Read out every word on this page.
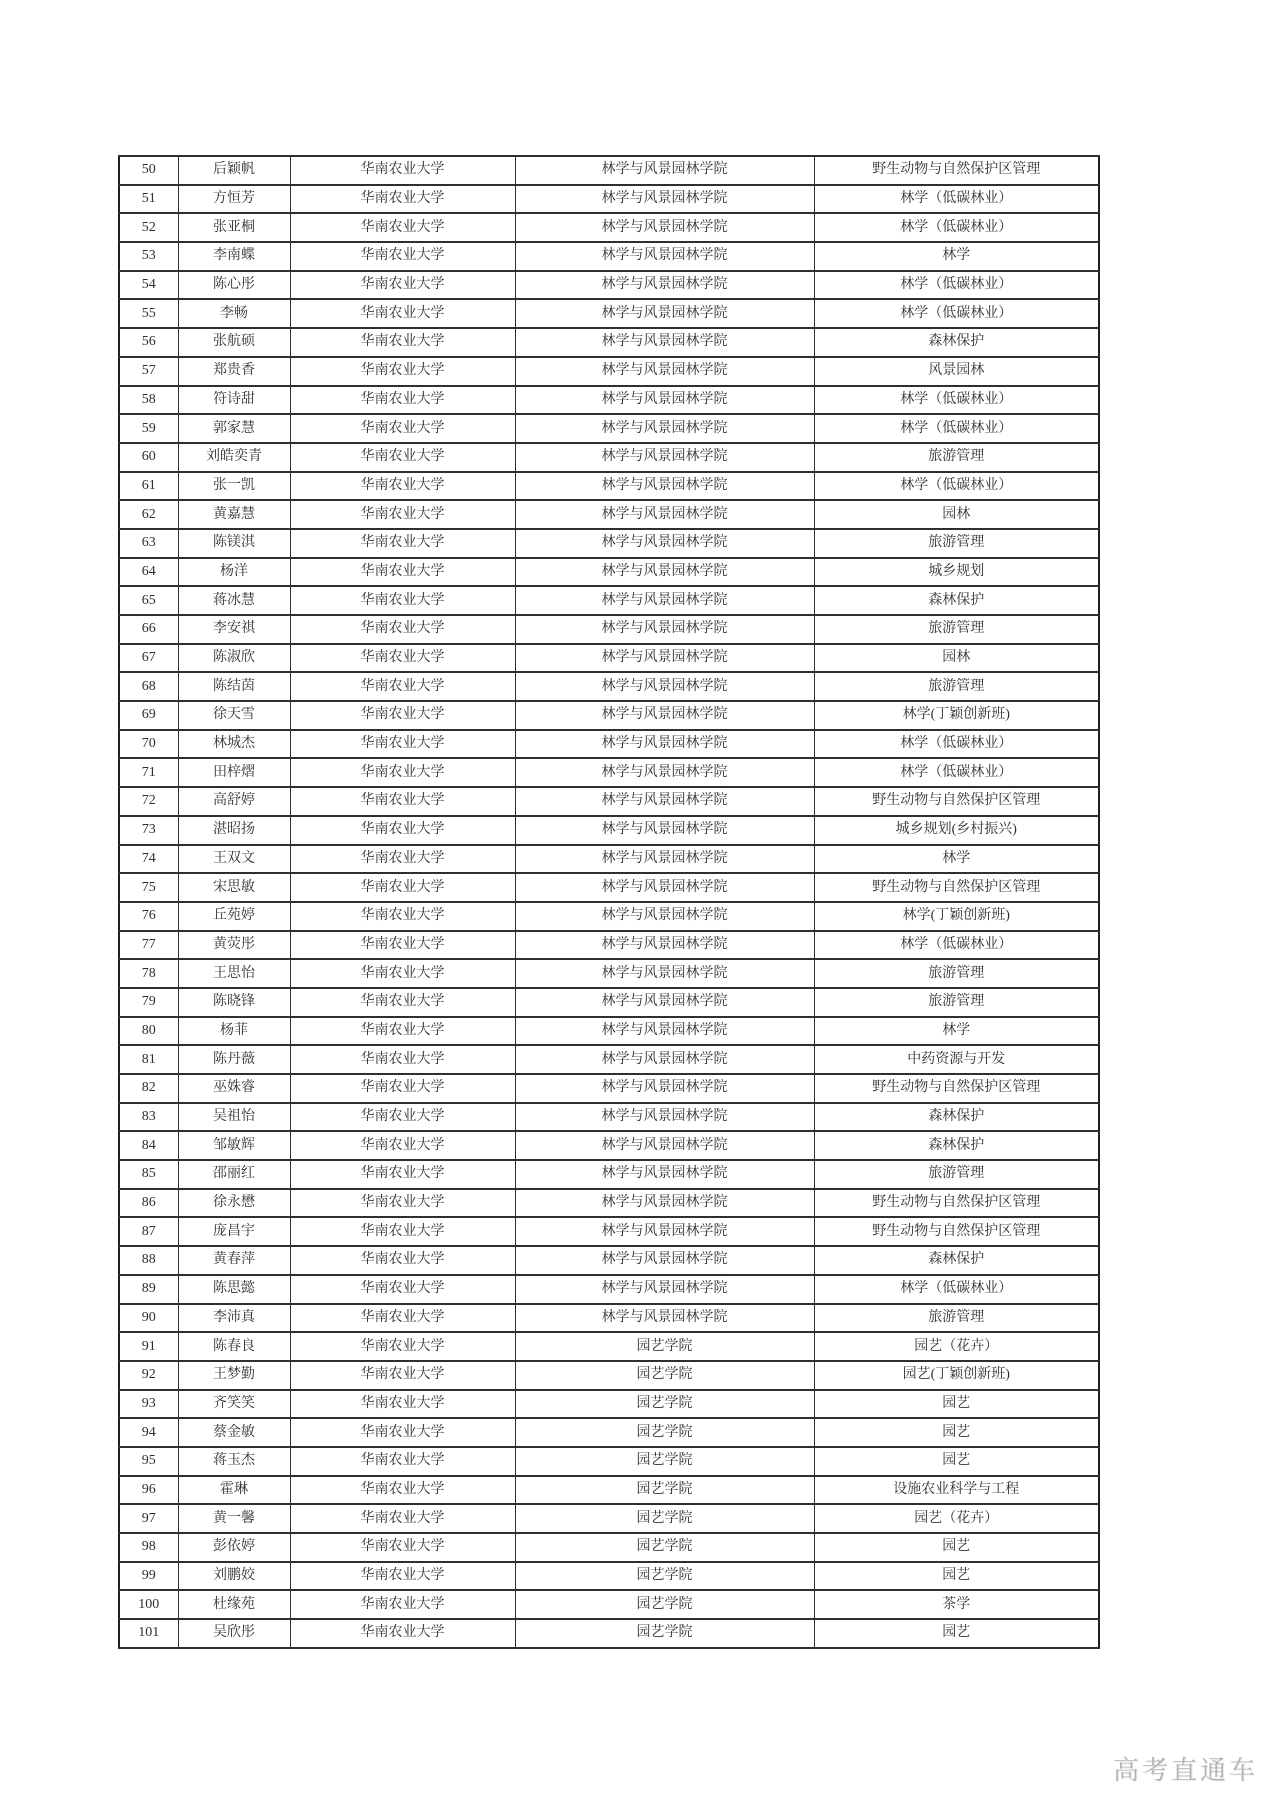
50	后颖帆	华南农业大学	林学与风景园林学院	野生动物与自然保护区管理
51	方恒芳	华南农业大学	林学与风景园林学院	林学（低碳林业）
52	张亚桐	华南农业大学	林学与风景园林学院	林学（低碳林业）
53	李南蝶	华南农业大学	林学与风景园林学院	林学
54	陈心彤	华南农业大学	林学与风景园林学院	林学（低碳林业）
55	李畅	华南农业大学	林学与风景园林学院	林学（低碳林业）
56	张航硕	华南农业大学	林学与风景园林学院	森林保护
57	郑贵香	华南农业大学	林学与风景园林学院	风景园林
58	符诗甜	华南农业大学	林学与风景园林学院	林学（低碳林业）
59	郭家慧	华南农业大学	林学与风景园林学院	林学（低碳林业）
60	刘皓奕青	华南农业大学	林学与风景园林学院	旅游管理
61	张一凯	华南农业大学	林学与风景园林学院	林学（低碳林业）
62	黄嘉慧	华南农业大学	林学与风景园林学院	园林
63	陈镁淇	华南农业大学	林学与风景园林学院	旅游管理
64	杨洋	华南农业大学	林学与风景园林学院	城乡规划
65	蒋冰慧	华南农业大学	林学与风景园林学院	森林保护
66	李安祺	华南农业大学	林学与风景园林学院	旅游管理
67	陈淑欣	华南农业大学	林学与风景园林学院	园林
68	陈结茵	华南农业大学	林学与风景园林学院	旅游管理
69	徐天雪	华南农业大学	林学与风景园林学院	林学(丁颖创新班)
70	林城杰	华南农业大学	林学与风景园林学院	林学（低碳林业）
71	田梓熠	华南农业大学	林学与风景园林学院	林学（低碳林业）
72	高舒婷	华南农业大学	林学与风景园林学院	野生动物与自然保护区管理
73	湛昭扬	华南农业大学	林学与风景园林学院	城乡规划(乡村振兴)
74	王双文	华南农业大学	林学与风景园林学院	林学
75	宋思敏	华南农业大学	林学与风景园林学院	野生动物与自然保护区管理
76	丘苑婷	华南农业大学	林学与风景园林学院	林学(丁颖创新班)
77	黄荧彤	华南农业大学	林学与风景园林学院	林学（低碳林业）
78	王思怡	华南农业大学	林学与风景园林学院	旅游管理
79	陈晓锋	华南农业大学	林学与风景园林学院	旅游管理
80	杨菲	华南农业大学	林学与风景园林学院	林学
81	陈丹薇	华南农业大学	林学与风景园林学院	中药资源与开发
82	巫姝睿	华南农业大学	林学与风景园林学院	野生动物与自然保护区管理
83	吴祖怡	华南农业大学	林学与风景园林学院	森林保护
84	邹敏辉	华南农业大学	林学与风景园林学院	森林保护
85	邵丽红	华南农业大学	林学与风景园林学院	旅游管理
86	徐永懋	华南农业大学	林学与风景园林学院	野生动物与自然保护区管理
87	庞昌宇	华南农业大学	林学与风景园林学院	野生动物与自然保护区管理
88	黄春萍	华南农业大学	林学与风景园林学院	森林保护
89	陈思懿	华南农业大学	林学与风景园林学院	林学（低碳林业）
90	李沛真	华南农业大学	林学与风景园林学院	旅游管理
91	陈春良	华南农业大学	园艺学院	园艺（花卉）
92	王梦勤	华南农业大学	园艺学院	园艺(丁颖创新班)
93	齐笑笑	华南农业大学	园艺学院	园艺
94	蔡金敏	华南农业大学	园艺学院	园艺
95	蒋玉杰	华南农业大学	园艺学院	园艺
96	霍琳	华南农业大学	园艺学院	设施农业科学与工程
97	黄一馨	华南农业大学	园艺学院	园艺（花卉）
98	彭依婷	华南农业大学	园艺学院	园艺
99	刘鹏姣	华南农业大学	园艺学院	园艺
100	杜缘苑	华南农业大学	园艺学院	茶学
101	吴欣彤	华南农业大学	园艺学院	园艺
高考直通车
